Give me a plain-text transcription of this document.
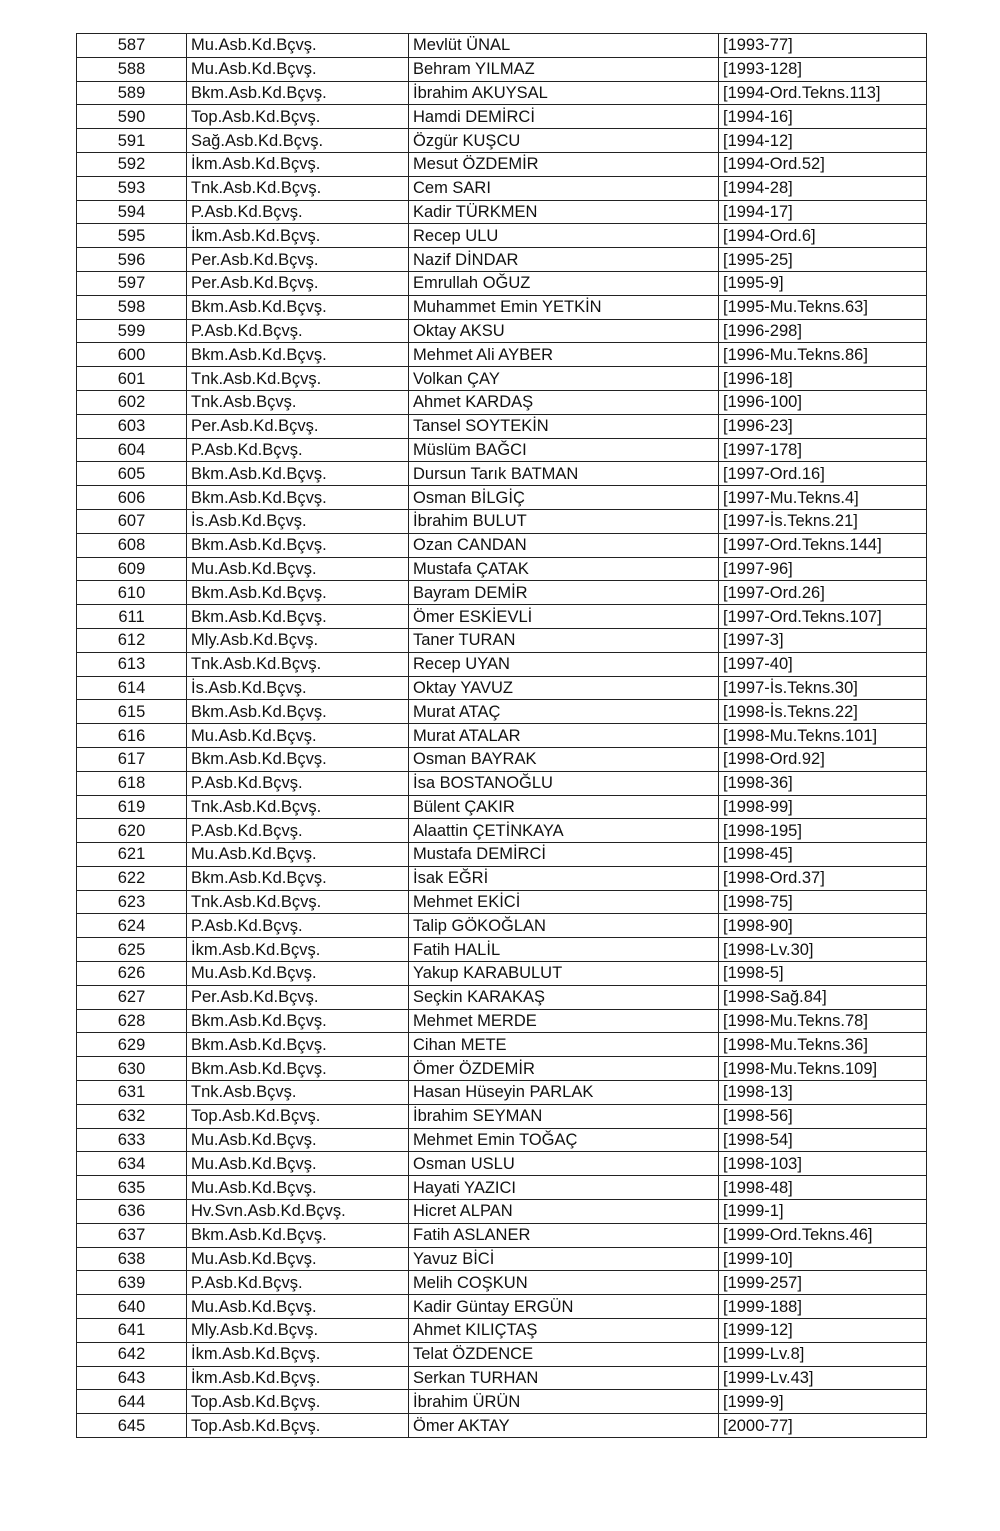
587	Mu.Asb.Kd.Bçvş.	Mevlüt ÜNAL	[1993-77]
588	Mu.Asb.Kd.Bçvş.	Behram YILMAZ	[1993-128]
589	Bkm.Asb.Kd.Bçvş.	İbrahim AKUYSAL	[1994-Ord.Tekns.113]
590	Top.Asb.Kd.Bçvş.	Hamdi DEMİRCİ	[1994-16]
591	Sağ.Asb.Kd.Bçvş.	Özgür KUŞCU	[1994-12]
592	İkm.Asb.Kd.Bçvş.	Mesut ÖZDEMİR	[1994-Ord.52]
593	Tnk.Asb.Kd.Bçvş.	Cem SARI	[1994-28]
594	P.Asb.Kd.Bçvş.	Kadir TÜRKMEN	[1994-17]
595	İkm.Asb.Kd.Bçvş.	Recep ULU	[1994-Ord.6]
596	Per.Asb.Kd.Bçvş.	Nazif DİNDAR	[1995-25]
597	Per.Asb.Kd.Bçvş.	Emrullah OĞUZ	[1995-9]
598	Bkm.Asb.Kd.Bçvş.	Muhammet Emin YETKİN	[1995-Mu.Tekns.63]
599	P.Asb.Kd.Bçvş.	Oktay AKSU	[1996-298]
600	Bkm.Asb.Kd.Bçvş.	Mehmet Ali AYBER	[1996-Mu.Tekns.86]
601	Tnk.Asb.Kd.Bçvş.	Volkan ÇAY	[1996-18]
602	Tnk.Asb.Bçvş.	Ahmet KARDAŞ	[1996-100]
603	Per.Asb.Kd.Bçvş.	Tansel SOYTEKİN	[1996-23]
604	P.Asb.Kd.Bçvş.	Müslüm BAĞCI	[1997-178]
605	Bkm.Asb.Kd.Bçvş.	Dursun Tarık BATMAN	[1997-Ord.16]
606	Bkm.Asb.Kd.Bçvş.	Osman BİLGİÇ	[1997-Mu.Tekns.4]
607	İs.Asb.Kd.Bçvş.	İbrahim BULUT	[1997-İs.Tekns.21]
608	Bkm.Asb.Kd.Bçvş.	Ozan CANDAN	[1997-Ord.Tekns.144]
609	Mu.Asb.Kd.Bçvş.	Mustafa ÇATAK	[1997-96]
610	Bkm.Asb.Kd.Bçvş.	Bayram DEMİR	[1997-Ord.26]
611	Bkm.Asb.Kd.Bçvş.	Ömer ESKİEVLİ	[1997-Ord.Tekns.107]
612	Mly.Asb.Kd.Bçvş.	Taner TURAN	[1997-3]
613	Tnk.Asb.Kd.Bçvş.	Recep UYAN	[1997-40]
614	İs.Asb.Kd.Bçvş.	Oktay YAVUZ	[1997-İs.Tekns.30]
615	Bkm.Asb.Kd.Bçvş.	Murat ATAÇ	[1998-İs.Tekns.22]
616	Mu.Asb.Kd.Bçvş.	Murat ATALAR	[1998-Mu.Tekns.101]
617	Bkm.Asb.Kd.Bçvş.	Osman BAYRAK	[1998-Ord.92]
618	P.Asb.Kd.Bçvş.	İsa BOSTANOĞLU	[1998-36]
619	Tnk.Asb.Kd.Bçvş.	Bülent ÇAKIR	[1998-99]
620	P.Asb.Kd.Bçvş.	Alaattin ÇETİNKAYA	[1998-195]
621	Mu.Asb.Kd.Bçvş.	Mustafa DEMİRCİ	[1998-45]
622	Bkm.Asb.Kd.Bçvş.	İsak EĞRİ	[1998-Ord.37]
623	Tnk.Asb.Kd.Bçvş.	Mehmet EKİCİ	[1998-75]
624	P.Asb.Kd.Bçvş.	Talip GÖKOĞLAN	[1998-90]
625	İkm.Asb.Kd.Bçvş.	Fatih HALİL	[1998-Lv.30]
626	Mu.Asb.Kd.Bçvş.	Yakup KARABULUT	[1998-5]
627	Per.Asb.Kd.Bçvş.	Seçkin KARAKAŞ	[1998-Sağ.84]
628	Bkm.Asb.Kd.Bçvş.	Mehmet MERDE	[1998-Mu.Tekns.78]
629	Bkm.Asb.Kd.Bçvş.	Cihan METE	[1998-Mu.Tekns.36]
630	Bkm.Asb.Kd.Bçvş.	Ömer ÖZDEMİR	[1998-Mu.Tekns.109]
631	Tnk.Asb.Bçvş.	Hasan Hüseyin PARLAK	[1998-13]
632	Top.Asb.Kd.Bçvş.	İbrahim SEYMAN	[1998-56]
633	Mu.Asb.Kd.Bçvş.	Mehmet Emin TOĞAÇ	[1998-54]
634	Mu.Asb.Kd.Bçvş.	Osman USLU	[1998-103]
635	Mu.Asb.Kd.Bçvş.	Hayati YAZICI	[1998-48]
636	Hv.Svn.Asb.Kd.Bçvş.	Hicret ALPAN	[1999-1]
637	Bkm.Asb.Kd.Bçvş.	Fatih ASLANER	[1999-Ord.Tekns.46]
638	Mu.Asb.Kd.Bçvş.	Yavuz BİCİ	[1999-10]
639	P.Asb.Kd.Bçvş.	Melih COŞKUN	[1999-257]
640	Mu.Asb.Kd.Bçvş.	Kadir Güntay ERGÜN	[1999-188]
641	Mly.Asb.Kd.Bçvş.	Ahmet KILIÇTAŞ	[1999-12]
642	İkm.Asb.Kd.Bçvş.	Telat ÖZDENCE	[1999-Lv.8]
643	İkm.Asb.Kd.Bçvş.	Serkan TURHAN	[1999-Lv.43]
644	Top.Asb.Kd.Bçvş.	İbrahim ÜRÜN	[1999-9]
645	Top.Asb.Kd.Bçvş.	Ömer AKTAY	[2000-77]
